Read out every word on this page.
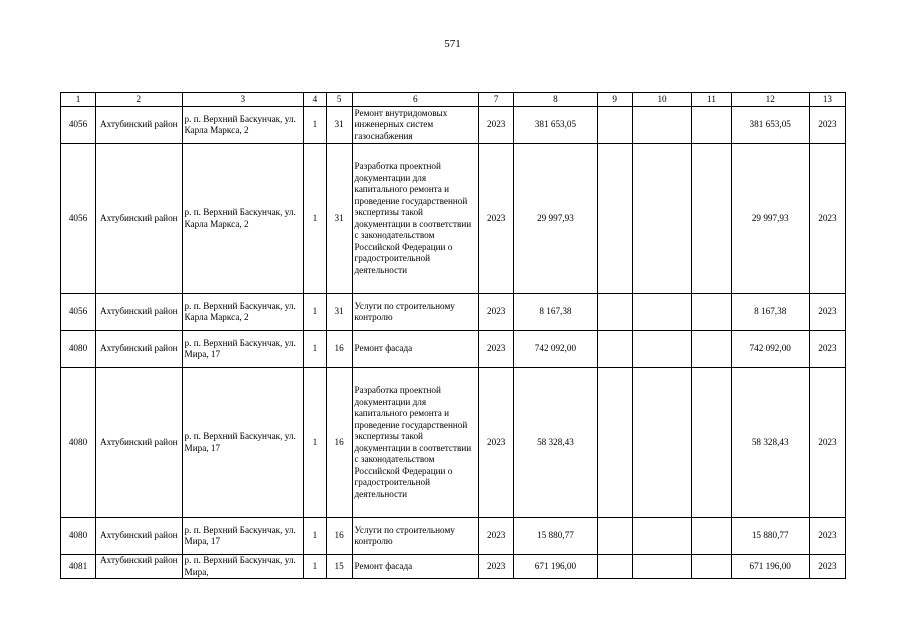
571
1	2	3	4	5	6	7	8	9	10	11	12	13
4056	Ахтубинский район	р. п. Верхний Баскунчак, ул. Карла Маркса, 2	1	31	Ремонт внутридомовых инженерных систем газоснабжения	2023	381 653,05				381 653,05	2023
4056	Ахтубинский район	р. п. Верхний Баскунчак, ул. Карла Маркса, 2	1	31	Разработка проектной документации для капитального ремонта и проведение государственной экспертизы такой документации в соответствии с законодательством Российской Федерации о градостроительной деятельности	2023	29 997,93				29 997,93	2023
4056	Ахтубинский район	р. п. Верхний Баскунчак, ул. Карла Маркса, 2	1	31	Услуги по строительному контролю	2023	8 167,38				8 167,38	2023
4080	Ахтубинский район	р. п. Верхний Баскунчак, ул. Мира, 17	1	16	Ремонт фасада	2023	742 092,00				742 092,00	2023
4080	Ахтубинский район	р. п. Верхний Баскунчак, ул. Мира, 17	1	16	Разработка проектной документации для капитального ремонта и проведение государственной экспертизы такой документации в соответствии с законодательством Российской Федерации о градостроительной деятельности	2023	58 328,43				58 328,43	2023
4080	Ахтубинский район	р. п. Верхний Баскунчак, ул. Мира, 17	1	16	Услуги по строительному контролю	2023	15 880,77				15 880,77	2023
4081	Ахтубинский район	р. п. Верхний Баскунчак, ул. Мира,	1	15	Ремонт фасада	2023	671 196,00				671 196,00	2023
